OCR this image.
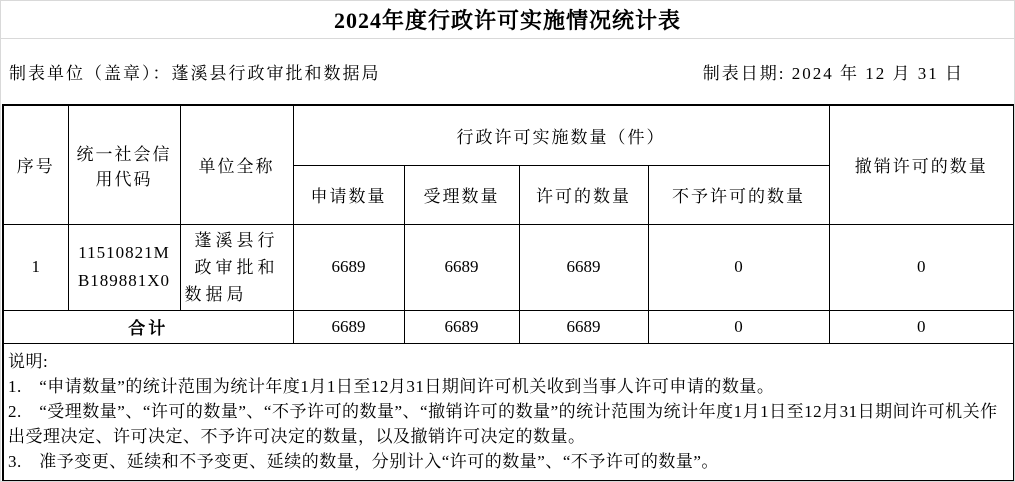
2024年度行政许可实施情况统计表
制表单位（盖章）：蓬溪县行政审批和数据局	制表日期: 2024 年 12 月 31 日
序号	统一社会信用代码	单位全称	行政许可实施数量（件）				撤销许可的数量
			申请数量	受理数量	许可的数量	不予许可的数量	
1	11510821MB189881X0	蓬溪县行政审批和数据局	6689	6689	6689	0	0
合计			6689	6689	6689	0	0

说明:
1.　“申请数量”的统计范围为统计年度1月1日至12月31日期间许可机关收到当事人许可申请的数量。
2.　“受理数量”、“许可的数量”、“不予许可的数量”、“撤销许可的数量”的统计范围为统计年度1月1日至12月31日期间许可机关作出受理决定、许可决定、不予许可决定的数量，以及撤销许可决定的数量。
3.　准予变更、延续和不予变更、延续的数量，分别计入“许可的数量”、“不予许可的数量”。							
